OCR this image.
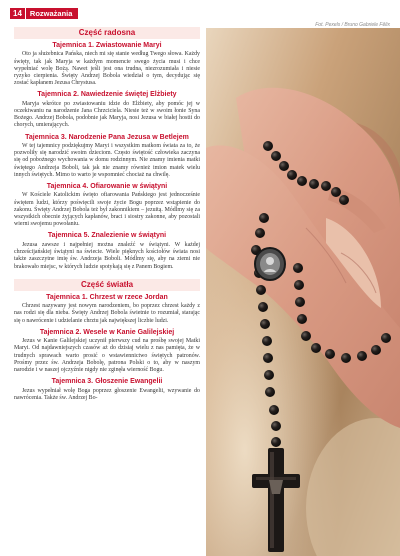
14	Rozważania
Fot. Pexels / Bruno Gabriele Fêlix
Część radosna
Tajemnica 1. Zwiastowanie Maryi

Oto ja służebnica Pańska, niech mi się stanie według Twego słowa. Każdy święty, tak jak Maryja w każdym momencie swego życia musi i chce wypełniać wolę Bożą. Nawet jeśli jest ona trudna, niezrozumiała i niesie ryzyko cierpienia. Święty Andrzej Bobola wiedział o tym, decydując się zostać kapłanem Jezusa Chrystusa.

Tajemnica 2. Nawiedzenie świętej Elżbiety

Maryja wkrótce po zwiastowaniu idzie do Elżbiety, aby pomóc jej w oczekiwaniu na narodzenie Jana Chrzciciela. Niesie też w swoim łonie Syna Bożego. Andrzej Bobola, podobnie jak Maryja, nosi Jezusa w białej hostii do chorych, umierających.

Tajemnica 3. Narodzenie Pana Jezusa w Betlejem

W tej tajemnicy podziękujmy Maryi i wszystkim matkom świata za to, że pozwoliły się narodzić swoim dzieciom. Często świętość człowieka zaczyna się od pobożnego wychowania w domu rodzinnym. Nie znamy imienia matki świętego Andrzeja Boboli, tak jak nie znamy również imion matek wielu innych świętych. Mimo to warto je wspomnieć chociaż na chwilę.

Tajemnica 4. Ofiarowanie w świątyni

W Kościele Katolickim święto ofiarowania Pańskiego jest jednocześnie świętem ludzi, którzy poświęcili swoje życie Bogu poprzez wstąpienie do zakonu. Święty Andrzej Bobola też był zakonnikiem – jezuitą. Módlmy się za wszystkich obecnie żyjących kapłanów, braci i siostry zakonne, aby pozostali wierni swojemu powołaniu.

Tajemnica 5. Znalezienie w świątyni

Jezusa zawsze i najpełniej można znaleźć w świątyni. W każdej chrześcijańskiej świątyni na świecie. Wiele pięknych kościołów świata nosi także zaszczytne imię św. Andrzeja Boboli. Módlmy się, aby na ziemi nie brakowało miejsc, w których ludzie spotykają się z Panem Bogiem.

Część światła
Tajemnica 1. Chrzest w rzece Jordan

Chrzest nazywany jest nowym narodzeniem, bo poprzez chrzest każdy z nas rodzi się dla nieba. Święty Andrzej Bobola świetnie to rozumiał, starając się o nawrócenie i udzielanie chrztu jak największej liczbie ludzi.

Tajemnica 2. Wesele w Kanie Galilejskiej

Jezus w Kanie Galilejskiej uczynił pierwszy cud na prośbę swojej Matki Maryi. Od najdawniejszych czasów aż do dzisiaj wielu z nas pamięta, że w trudnych sprawach warto prosić o wstawiennictwo świętych patronów. Prośmy przez św. Andrzeja Bobolę, patrona Polski o to, aby w naszym narodzie i w naszej ojczyźnie nigdy nie zginęła wierność Bogu.

Tajemnica 3. Głoszenie Ewangelii

Jezus wypełniał wolę Boga poprzez głoszenie Ewangelii, wzywanie do nawrócenia. Także św. Andrzej Bo-
